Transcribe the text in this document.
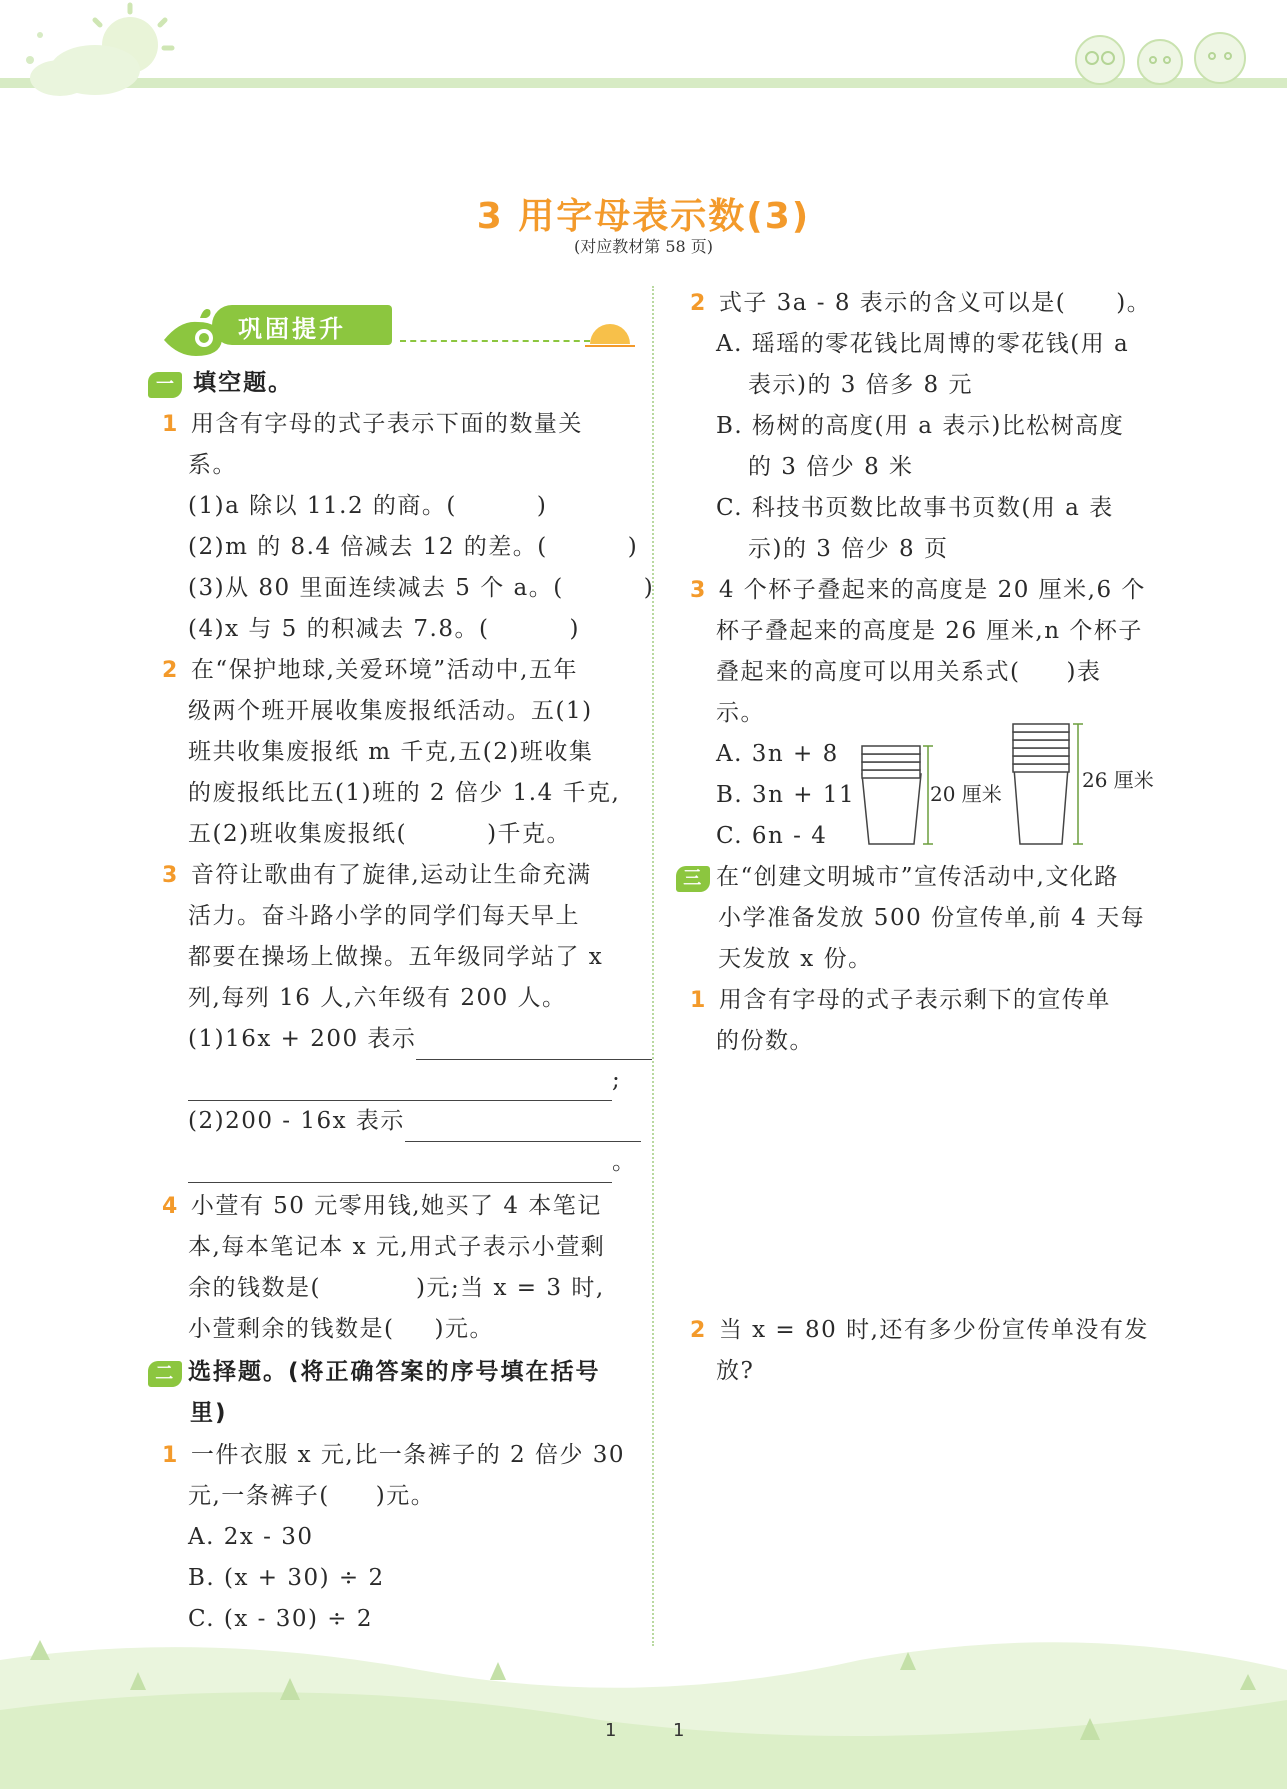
3 用字母表示数(3)
(对应教材第 58 页)
巩固提升
一 填空题。
1 用含有字母的式子表示下面的数量关
系。
(1)a 除以 11.2 的商。(	)
(2)m 的 8.4 倍减去 12 的差。(	)
(3)从 80 里面连续减去 5 个 a。(	)
(4)x 与 5 的积减去 7.8。(	)
2 在“保护地球,关爱环境”活动中,五年
级两个班开展收集废报纸活动。五(1)
班共收集废报纸 m 千克,五(2)班收集
的废报纸比五(1)班的 2 倍少 1.4 千克,
五(2)班收集废报纸(	)千克。
3 音符让歌曲有了旋律,运动让生命充满
活力。奋斗路小学的同学们每天早上
都要在操场上做操。五年级同学站了 x
列,每列 16 人,六年级有 200 人。
(1)16x + 200 表示
;
(2)200 - 16x 表示
。
4 小萱有 50 元零用钱,她买了 4 本笔记
本,每本笔记本 x 元,用式子表示小萱剩
余的钱数是(	)元;当 x = 3 时,
小萱剩余的钱数是( )元。
二 选择题。(将正确答案的序号填在括号
里)
1 一件衣服 x 元,比一条裤子的 2 倍少 30
元,一条裤子( )元。
A. 2x - 30
B. (x + 30) ÷ 2
C. (x - 30) ÷ 2
2 式子 3a - 8 表示的含义可以是( )。
A. 瑶瑶的零花钱比周博的零花钱(用 a
表示)的 3 倍多 8 元
B. 杨树的高度(用 a 表示)比松树高度
的 3 倍少 8 米
C. 科技书页数比故事书页数(用 a 表
示)的 3 倍少 8 页
3 4 个杯子叠起来的高度是 20 厘米,6 个
杯子叠起来的高度是 26 厘米,n 个杯子
叠起来的高度可以用关系式( )表
示。
A. 3n + 8
B. 3n + 11
C. 6n - 4
20 厘米
26 厘米
三 在“创建文明城市”宣传活动中,文化路
小学准备发放 500 份宣传单,前 4 天每
天发放 x 份。
1 用含有字母的式子表示剩下的宣传单
的份数。
2 当 x = 80 时,还有多少份宣传单没有发
放?
1	1
